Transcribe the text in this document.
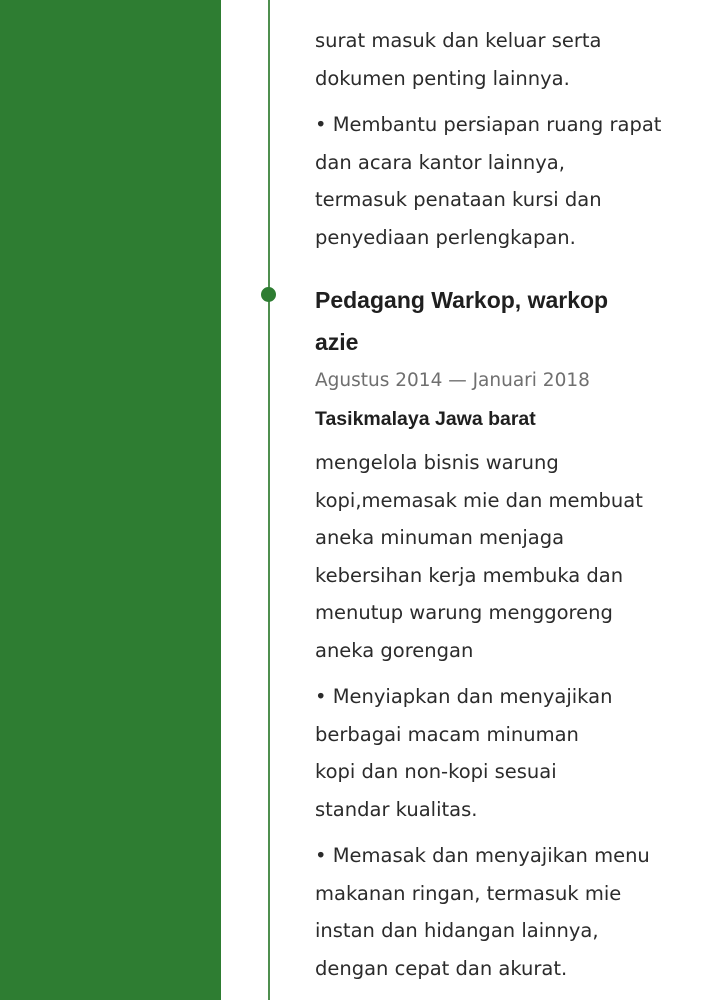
surat masuk dan keluar serta
dokumen penting lainnya.
• Membantu persiapan ruang rapat
dan acara kantor lainnya,
termasuk penataan kursi dan
penyediaan perlengkapan.
Pedagang Warkop, warkop azie
Agustus 2014 — Januari 2018
Tasikmalaya Jawa barat
mengelola bisnis warung
kopi,memasak mie dan membuat
aneka minuman menjaga
kebersihan kerja membuka dan
menutup warung menggoreng
aneka gorengan
• Menyiapkan dan menyajikan
berbagai macam minuman
kopi dan non-kopi sesuai
standar kualitas.
• Memasak dan menyajikan menu
makanan ringan, termasuk mie
instan dan hidangan lainnya,
dengan cepat dan akurat.
